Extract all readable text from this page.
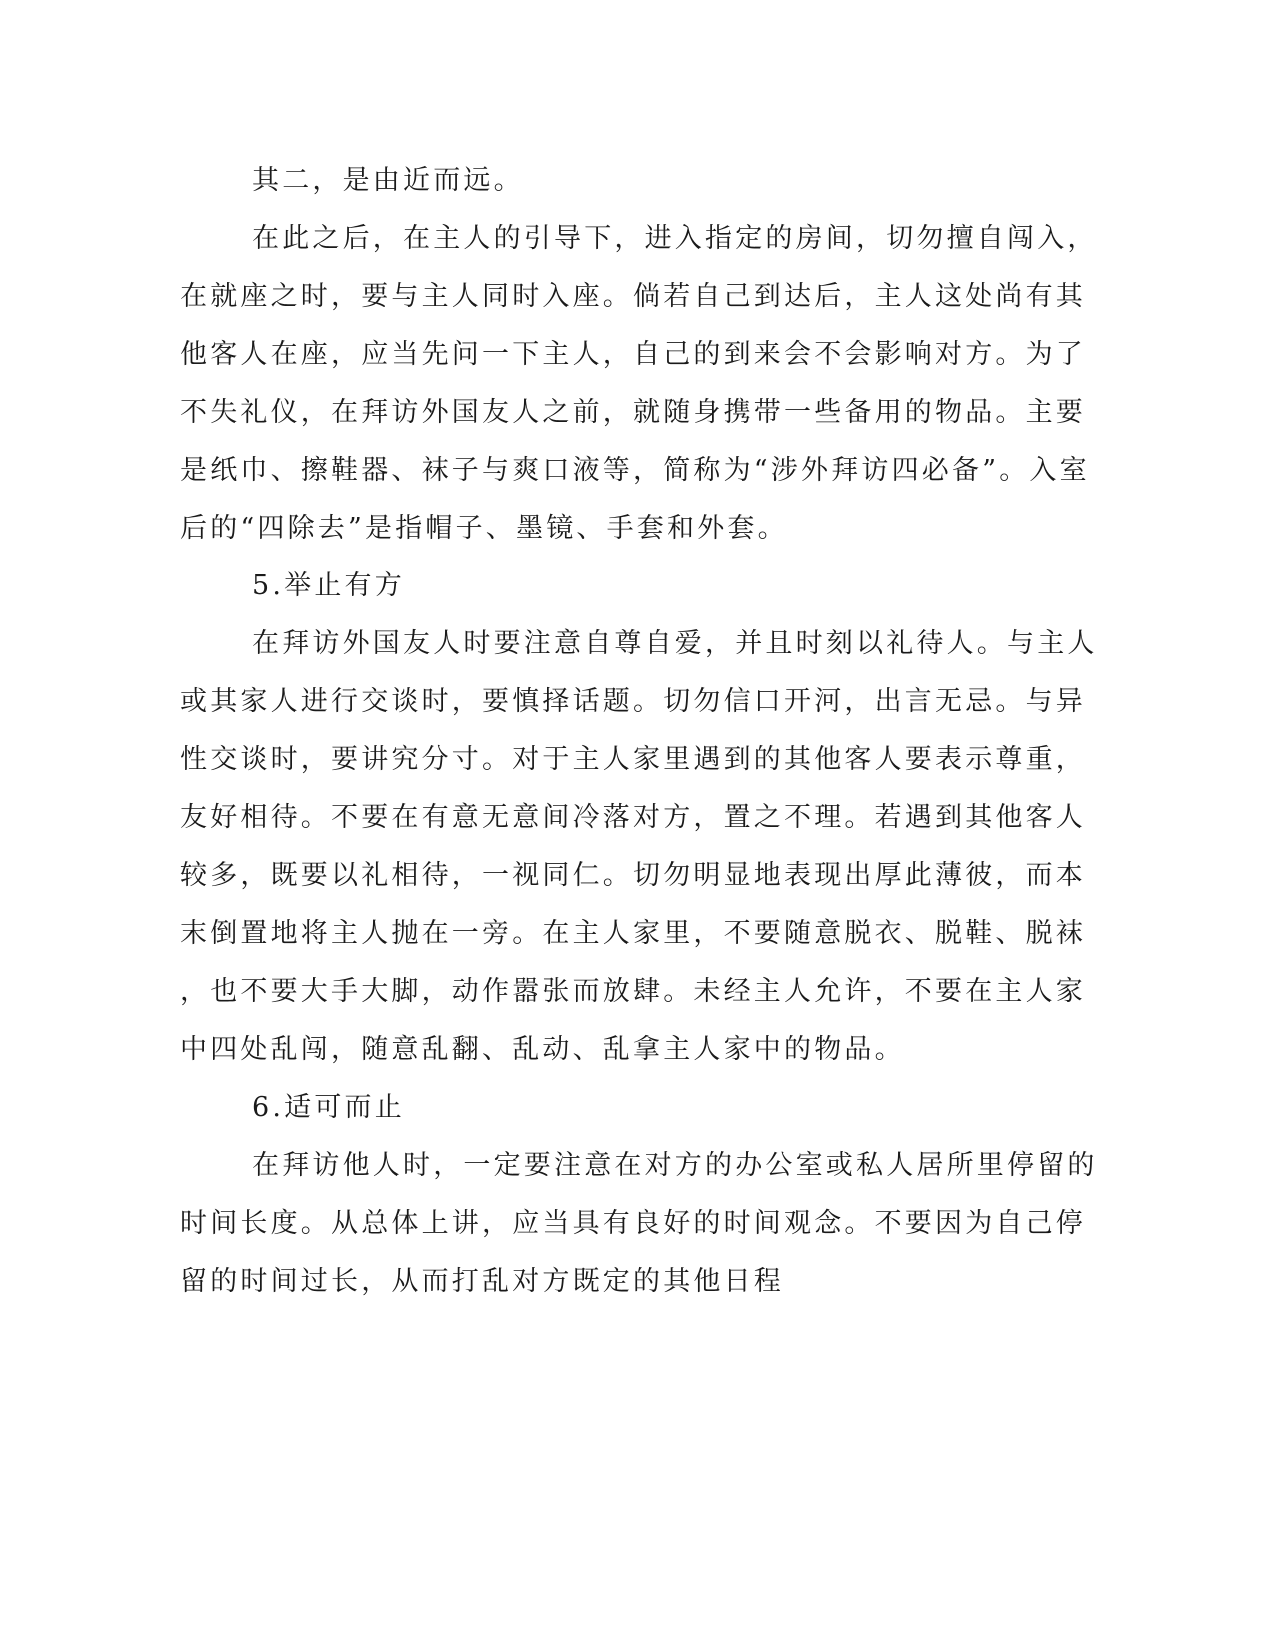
其二，是由近而远。
在此之后，在主人的引导下，进入指定的房间，切勿擅自闯入，
在就座之时，要与主人同时入座。倘若自己到达后，主人这处尚有其
他客人在座，应当先问一下主人，自己的到来会不会影响对方。为了
不失礼仪，在拜访外国友人之前，就随身携带一些备用的物品。主要
是纸巾、擦鞋器、袜子与爽口液等，简称为“涉外拜访四必备”。入室
后的“四除去”是指帽子、墨镜、手套和外套。
5.举止有方
在拜访外国友人时要注意自尊自爱，并且时刻以礼待人。与主人
或其家人进行交谈时，要慎择话题。切勿信口开河，出言无忌。与异
性交谈时，要讲究分寸。对于主人家里遇到的其他客人要表示尊重，
友好相待。不要在有意无意间冷落对方，置之不理。若遇到其他客人
较多，既要以礼相待，一视同仁。切勿明显地表现出厚此薄彼，而本
末倒置地将主人抛在一旁。在主人家里，不要随意脱衣、脱鞋、脱袜
，也不要大手大脚，动作嚣张而放肆。未经主人允许，不要在主人家
中四处乱闯，随意乱翻、乱动、乱拿主人家中的物品。
6.适可而止
在拜访他人时，一定要注意在对方的办公室或私人居所里停留的
时间长度。从总体上讲，应当具有良好的时间观念。不要因为自己停
留的时间过长，从而打乱对方既定的其他日程
